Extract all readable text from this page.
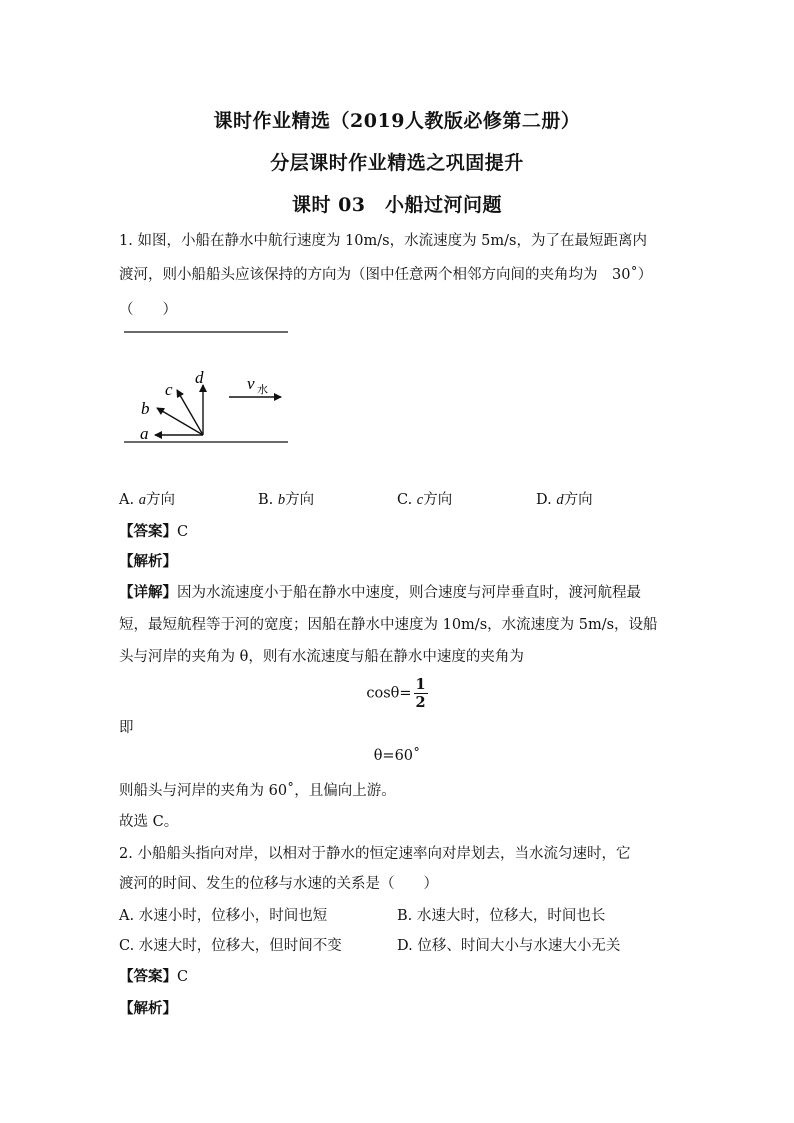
课时作业精选（2019人教版必修第二册）
分层课时作业精选之巩固提升
课时 03　小船过河问题
1. 如图，小船在静水中航行速度为 10m/s，水流速度为 5m/s，为了在最短距离内
渡河，则小船船头应该保持的方向为（图中任意两个相邻方向间的夹角均为　30˚）
（　　）
a
b
c
d	v 水
A. a方向	B. b方向	C. c方向	D. d方向
【答案】C
【解析】
【详解】因为水流速度小于船在静水中速度，则合速度与河岸垂直时，渡河航程最
短，最短航程等于河的宽度；因船在静水中速度为 10m/s，水流速度为 5m/s，设船
头与河岸的夹角为 θ，则有水流速度与船在静水中速度的夹角为
$\cos\theta= \frac{1}{2}$
即
θ=60˚
则船头与河岸的夹角为 60˚，且偏向上游。
故选 C。
2. 小船船头指向对岸，以相对于静水的恒定速率向对岸划去，当水流匀速时，它
渡河的时间、发生的位移与水速的关系是（　　）
A. 水速小时，位移小，时间也短	B. 水速大时，位移大，时间也长
C. 水速大时，位移大，但时间不变	D. 位移、时间大小与水速大小无关
【答案】C
【解析】
